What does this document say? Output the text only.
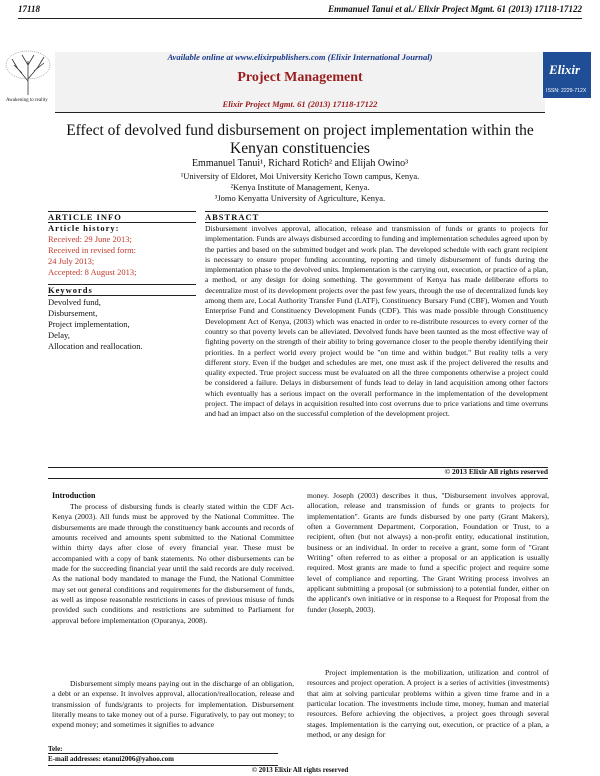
17118	Emmanuel Tanui et al./ Elixir Project Mgmt. 61 (2013) 17118-17122
Awakening to reality
Available online at www.elixirpublishers.com (Elixir International Journal)
Project Management
Elixir Project Mgmt. 61 (2013) 17118-17122
Elixir
ISSN: 2229-712X
Effect of devolved fund disbursement on project implementation within the
Kenyan constituencies
Emmanuel Tanui¹, Richard Rotich² and Elijah Owino³
¹University of Eldoret, Moi University Kericho Town campus, Kenya.
²Kenya Institute of Management, Kenya.
³Jomo Kenyatta University of Agriculture, Kenya.
ARTICLE INFO
Article history:
Received: 29 June 2013;
Received in revised form:
24 July 2013;
Accepted: 8 August 2013;
Keywords
Devolved fund,
Disbursement,
Project implementation,
Delay,
Allocation and reallocation.
ABSTRACT
Disbursement involves approval, allocation, release and transmission of funds or grants to projects for implementation. Funds are always disbursed according to funding and implementation schedules agreed upon by the parties and based on the submitted budget and work plan. The developed schedule with each grant recipient is necessary to ensure proper funding accounting, reporting and timely disbursement of funds during the implementation phase to the devolved units. Implementation is the carrying out, execution, or practice of a plan, a method, or any design for doing something. The government of Kenya has made deliberate efforts to decentralize most of its development projects over the past few years, through the use of decentralized funds key among them are, Local Authority Transfer Fund (LATF), Constituency Bursary Fund (CBF), Women and Youth Enterprise Fund and Constituency Development Funds (CDF). This was made possible through Constituency Development Act of Kenya, (2003) which was enacted in order to re-distribute resources to every corner of the country so that poverty levels can be alleviated. Devolved funds have been taunted as the most effective way of fighting poverty on the strength of their ability to bring governance closer to the people thereby identifying their priorities. In a perfect world every project would be "on time and within budget." But reality tells a very different story. Even if the budget and schedules are met, one must ask if the project delivered the results and quality expected. True project success must be evaluated on all the three components otherwise a project could be considered a failure. Delays in disbursement of funds lead to delay in land acquisition among other factors which eventually has a serious impact on the overall performance in the implementation of the development project. The impact of delays in acquisition resulted into cost overruns due to price variations and time overruns and had an impact also on the successful completion of the development project.
© 2013 Elixir All rights reserved
Introduction
The process of disbursing funds is clearly stated within the CDF Act- Kenya (2003). All funds must be approved by the National Committee. The disbursements are made through the constituency bank accounts and records of amounts received and amounts spent submitted to the National Committee within thirty days after close of every financial year. These must be accompanied with a copy of bank statements. No other disbursements can be made for the succeeding financial year until the said records are duly received. As the national body mandated to manage the Fund, the National Committee may set out general conditions and requirements for the disbursement of funds, as well as impose reasonable restrictions in cases of previous misuse of funds provided such conditions and restrictions are submitted to Parliament for approval before implementation (Opuranya, 2008).
Disbursement simply means paying out in the discharge of an obligation, a debt or an expense. It involves approval, allocation/reallocation, release and transmission of funds/grants to projects for implementation. Disbursement literally means to take money out of a purse. Figuratively, to pay out money; to expend money; and sometimes it signifies to advance
money. Joseph (2003) describes it thus, "Disbursement involves approval, allocation, release and transmission of funds or grants to projects for implementation". Grants are funds disbursed by one party (Grant Makers), often a Government Department, Corporation, Foundation or Trust, to a recipient, often (but not always) a non-profit entity, educational institution, business or an individual. In order to receive a grant, some form of "Grant Writing" often referred to as either a proposal or an application is usually required. Most grants are made to fund a specific project and require some level of compliance and reporting. The Grant Writing process involves an applicant submitting a proposal (or submission) to a potential funder, either on the applicant's own initiative or in response to a Request for Proposal from the funder (Joseph, 2003).
Project implementation is the mobilization, utilization and control of resources and project operation. A project is a series of activities (investments) that aim at solving particular problems within a given time frame and in a particular location. The investments include time, money, human and material resources. Before achieving the objectives, a project goes through several stages. Implementation is the carrying out, execution, or practice of a plan, a method, or any design for
Tele:
E-mail addresses: etanui2006@yahoo.com
© 2013 Elixir All rights reserved
